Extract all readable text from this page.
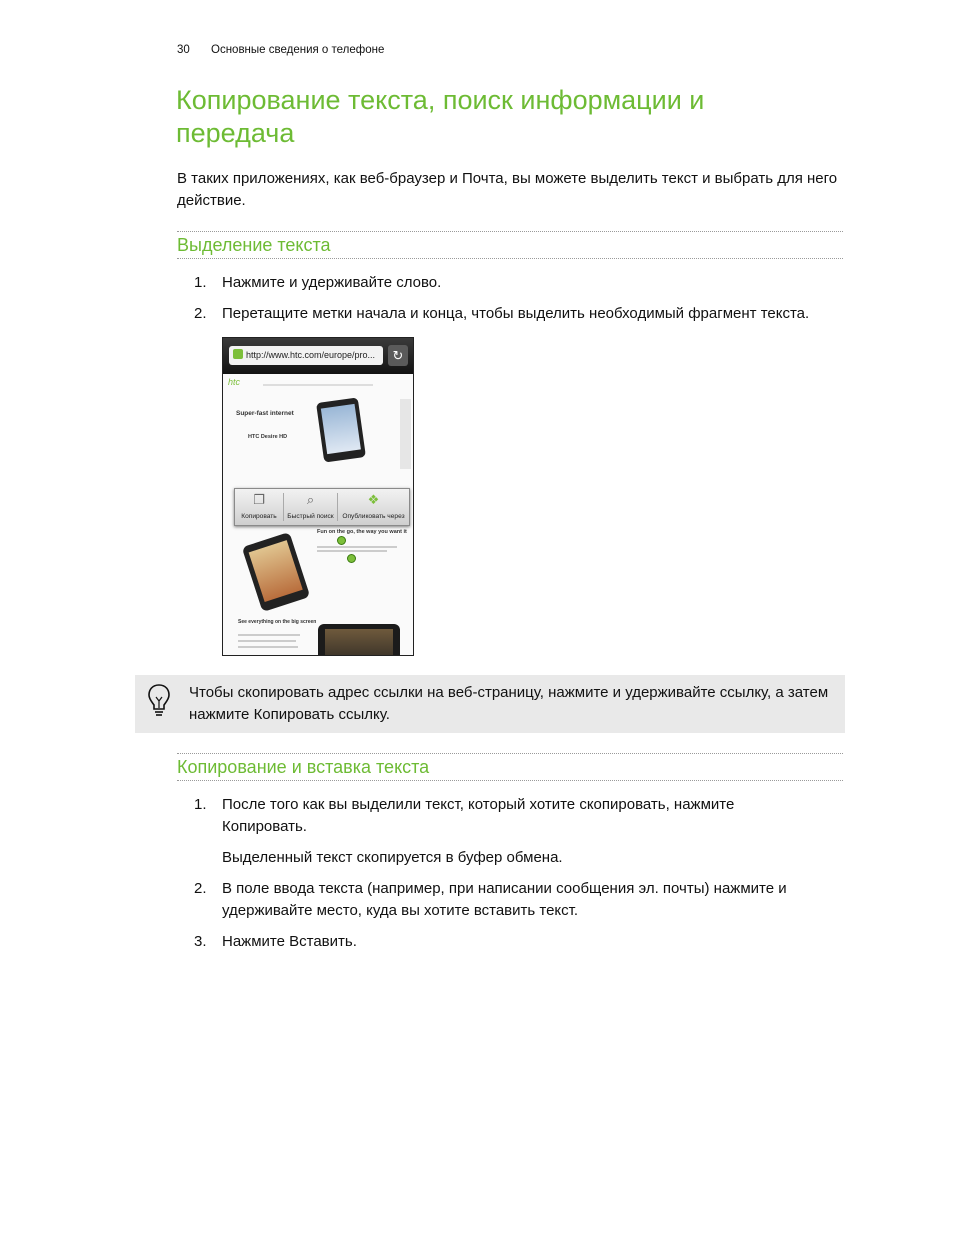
30 Основные сведения о телефоне
Копирование текста, поиск информации и передача
В таких приложениях, как веб-браузер и Почта, вы можете выделить текст и выбрать для него действие.
Выделение текста
1. Нажмите и удерживайте слово.
2. Перетащите метки начала и конца, чтобы выделить необходимый фрагмент текста.
http://www.htc.com/europe/pro...	↻
htc
Super-fast internet
HTC Desire HD
❐
Копировать
⌕
Быстрый поиск
❖
Опубликовать через
Fun on the go, the way you want it
See everything on the big screen
Чтобы скопировать адрес ссылки на веб-страницу, нажмите и удерживайте ссылку, а затем нажмите Копировать ссылку.
Копирование и вставка текста
1. После того как вы выделили текст, который хотите скопировать, нажмите Копировать.
Выделенный текст скопируется в буфер обмена.
2. В поле ввода текста (например, при написании сообщения эл. почты) нажмите и удерживайте место, куда вы хотите вставить текст.
3. Нажмите Вставить.
